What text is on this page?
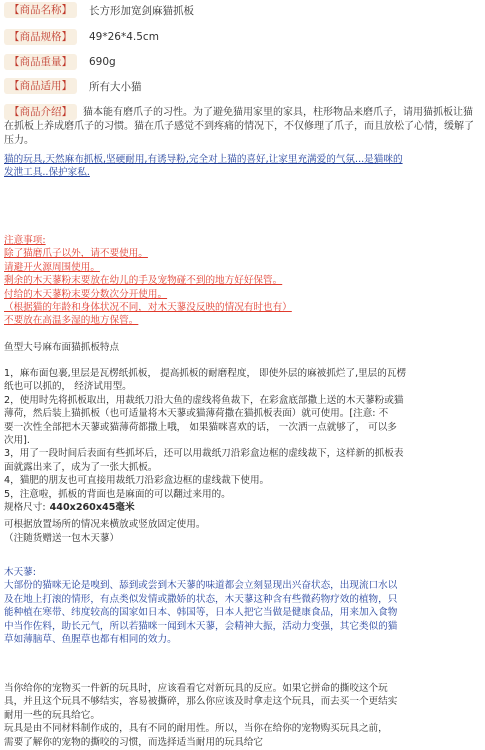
【商品名称】	长方形加宽剑麻猫抓板
【商品规格】	49*26*4.5cm
【商品重量】	690g
【商品适用】	所有大小猫
【商品介绍】 猫本能有磨爪子的习性。为了避免猫用家里的家具，柱形物品来磨爪子，请用猫抓板让猫在抓板上养成磨爪子的习惯。猫在爪子感觉不到疼痛的情况下，不仅修理了爪子，而且放松了心情，缓解了压力。
猫的玩具,天然麻布抓板,坚硬耐用,有诱导粉,完全对上猫的喜好,让家里充满爱的气氛...是猫咪的
发泄工具..保护家私.
注意事项:
除了猫磨爪子以外，请不要使用。
请避开火源周围使用。
剩余的木天蓼粉末要放在幼儿的手及宠物碰不到的地方好好保管。
付给的木天蓼粉末要分数次分开使用。
（根据猫的年龄和身体状况不同，对木天蓼没反映的情况有时也有）
不要放在高温多湿的地方保管。
鱼型大号麻布面猫抓板特点
1，麻布面包裹,里层是瓦楞纸抓板， 提高抓板的耐磨程度， 即使外层的麻被抓烂了,里层的瓦楞
纸也可以抓的， 经济试用型。
2，使用时先将抓板取出，用裁纸刀沿大鱼的虚线将鱼裁下，在彩盒底部撒上送的木天蓼粉或猫
薄荷，然后装上猫抓板（也可适量将木天蓼或猫薄荷撒在猫抓板表面）就可使用。[注意: 不
要一次性全部把木天蓼或猫薄荷都撒上哦， 如果猫咪喜欢的话， 一次洒一点就够了， 可以多
次用].
3，用了一段时间后表面有些抓坏后，还可以用裁纸刀沿彩盒边框的虚线裁下，这样新的抓板表
面就露出来了，成为了一张大抓板。
4，猫肥的朋友也可直接用裁纸刀沿彩盒边框的虚线裁下使用。
5，注意啦，抓板的背面也是麻面的可以翻过来用的。
规格尺寸: 440x260x45毫米
可根据放置场所的情况来横放或竖放固定使用。
（注随货赠送一包木天蓼）
木天蓼:
大部份的猫咪无论是嗅到、舔到或尝到木天蓼的味道都会立刻显现出兴奋状态，出现流口水以
及在地上打滚的情形，有点类似发情或撒娇的状态，木天蓼这种含有些微药物疗效的植物，只
能种植在寒带、纬度较高的国家如日本、韩国等，日本人把它当做是健康食品，用来加入食物
中当作佐料，助长元气，所以若猫咪一闻到木天蓼，会精神大振，活动力变强，其它类似的猫
草如薄脑草、鱼腥草也都有相同的效力。
当你给你的宠物买一件新的玩具时，应该看看它对新玩具的反应。如果它拼命的撕咬这个玩
具，并且这个玩具不够结实，容易被撕碎，那么你应该及时拿走这个玩具，而去买一个更结实
耐用一些的玩具给它。
玩具是由不同材料制作成的，具有不同的耐用性。所以，当你在给你的宠物购买玩具之前，
需要了解你的宠物的撕咬的习惯，而选择适当耐用的玩具给它
